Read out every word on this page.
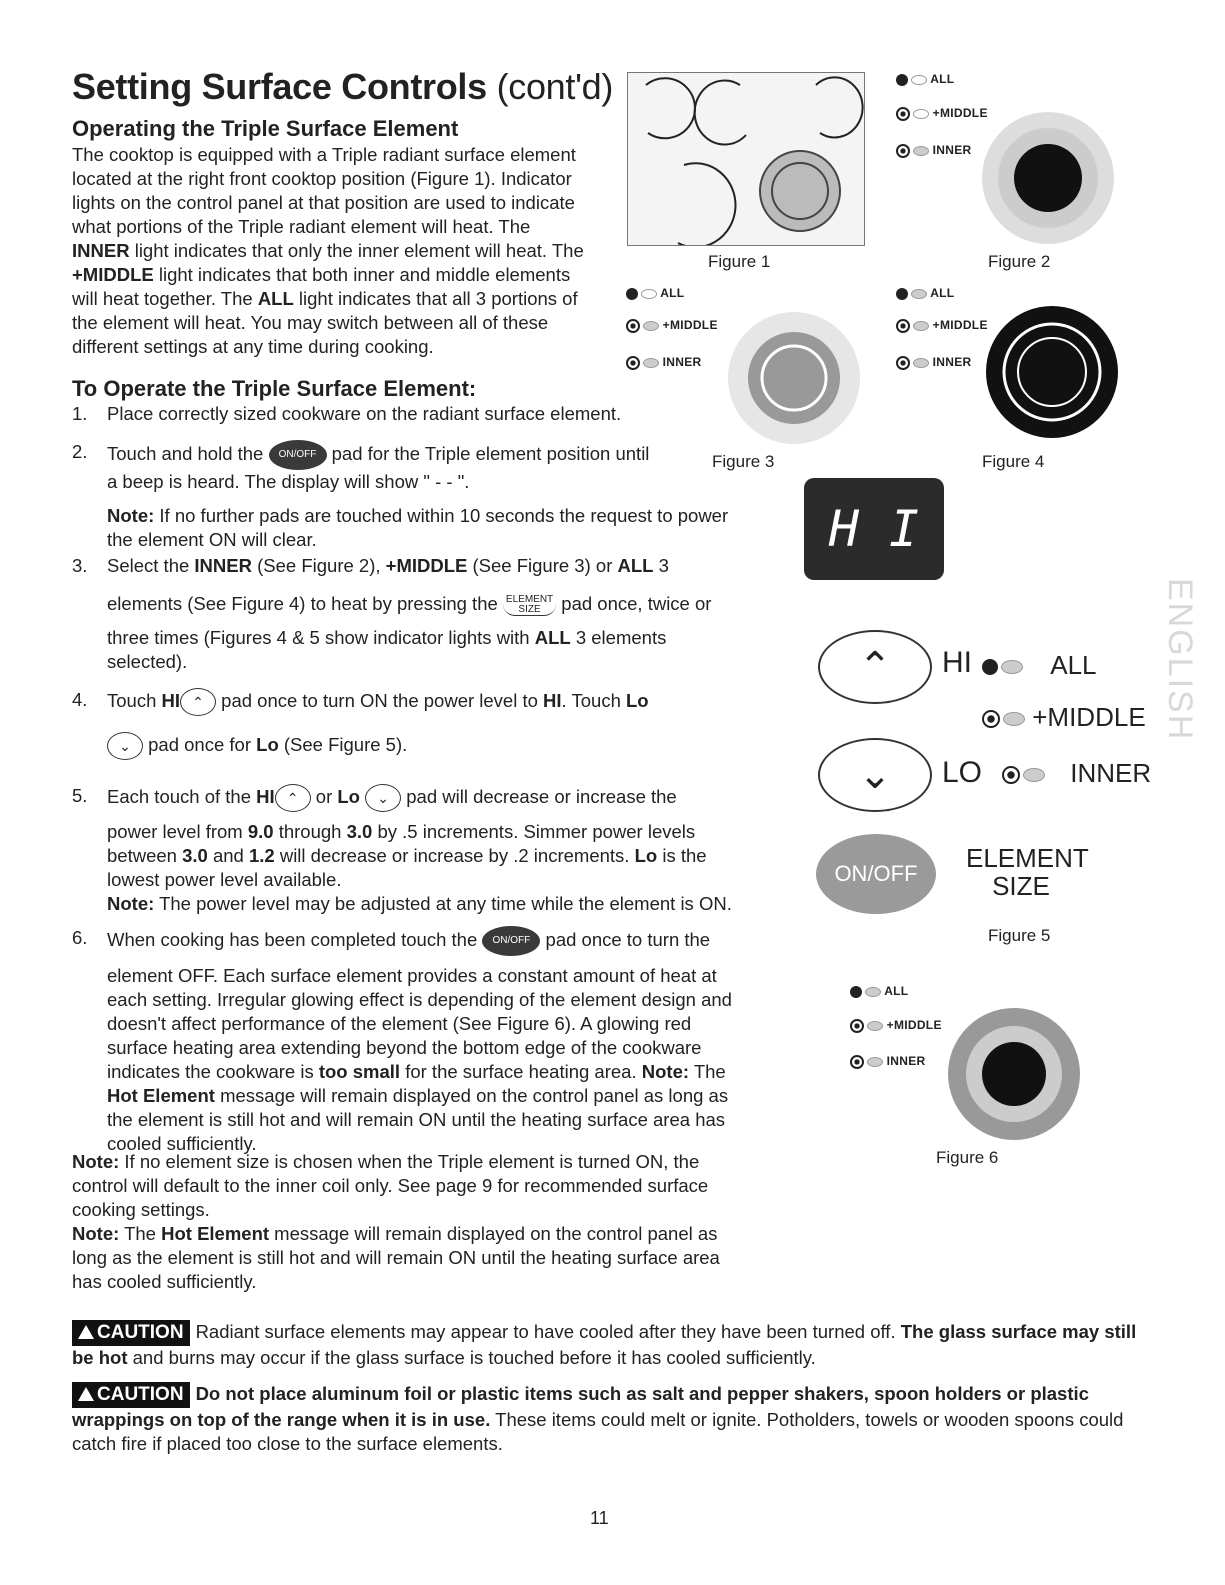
Setting Surface Controls (cont'd)
Operating the Triple Surface Element
The cooktop is equipped with a Triple radiant surface element
located at the right front cooktop position (Figure 1). Indicator
lights on the control panel at that position are used to indicate
what portions of the Triple radiant element will heat. The
INNER light indicates that only the inner element will heat. The
+MIDDLE light indicates that both inner and middle elements
will heat together. The ALL light indicates that all 3 portions of
the element will heat. You may switch between all of these
different settings at any time during cooking.
Figure 1
ALL
+MIDDLE
INNER
Figure 2
ALL
+MIDDLE
INNER
Figure 3
ALL
+MIDDLE
INNER
Figure 4
To Operate the Triple Surface Element:
1. Place correctly sized cookware on the radiant surface element.
2. Touch and hold the ON/OFF pad for the Triple element position until
a beep is heard. The display will show " - - ".
Note: If no further pads are touched within 10 seconds the request to power
the element ON will clear.
3. Select the INNER (See Figure 2), +MIDDLE (See Figure 3) or ALL 3
elements (See Figure 4) to heat by pressing the ELEMENT
SIZE pad once, twice or
three times (Figures 4 & 5 show indicator lights with ALL 3 elements
selected).
4. Touch HI ⌃ pad once to turn ON the power level to HI. Touch Lo
⌄ pad once for Lo (See Figure 5).
5. Each touch of the HI ⌃ or Lo ⌄ pad will decrease or increase the
power level from 9.0 through 3.0 by .5 increments. Simmer power levels
between 3.0 and 1.2 will decrease or increase by .2 increments. Lo is the
lowest power level available.
Note: The power level may be adjusted at any time while the element is ON.
6. When cooking has been completed touch the ON/OFF pad once to turn the
element OFF. Each surface element provides a constant amount of heat at
each setting. Irregular glowing effect is depending of the element design and
doesn't affect performance of the element (See Figure 6). A glowing red
surface heating area extending beyond the bottom edge of the cookware
indicates the cookware is too small for the surface heating area. Note: The
Hot Element message will remain displayed on the control panel as long as
the element is still hot and will remain ON until the heating surface area has
cooled sufficiently.
Note: If no element size is chosen when the Triple element is turned ON, the
control will default to the inner coil only. See page 9 for recommended surface
cooking settings.
Note: The Hot Element message will remain displayed on the control panel as
long as the element is still hot and will remain ON until the heating surface area
has cooled sufficiently.
H I
⌃
⌄
HI
LO
ALL
+MIDDLE
INNER
ON/OFF
ELEMENT
SIZE
Figure 5
ALL
+MIDDLE
INNER
Figure 6
CAUTION Radiant surface elements may appear to have cooled after they have been turned off. The glass surface may still be hot and burns may occur if the glass surface is touched before it has cooled sufficiently.
CAUTION Do not place aluminum foil or plastic items such as salt and pepper shakers, spoon holders or plastic wrappings on top of the range when it is in use. These items could melt or ignite. Potholders, towels or wooden spoons could catch fire if placed too close to the surface elements.
ENGLISH
11
